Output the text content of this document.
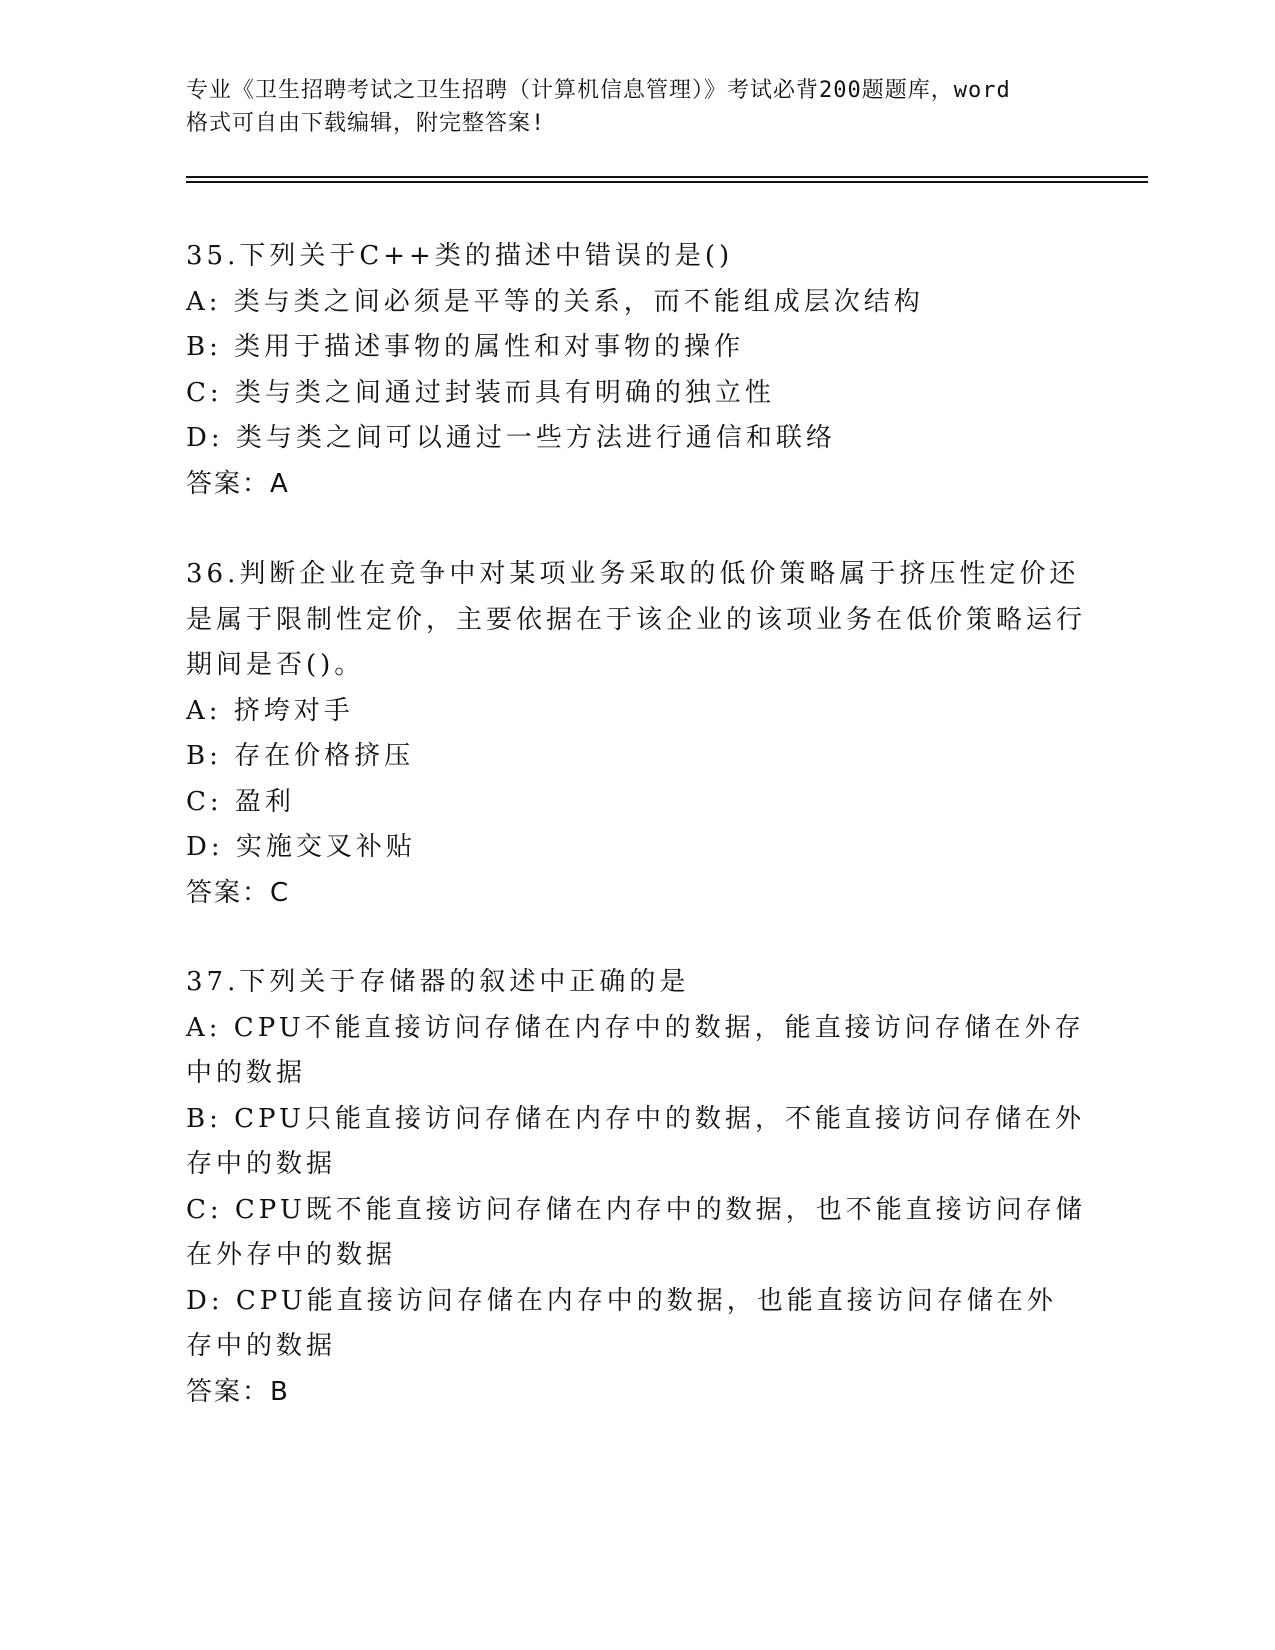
专业《卫生招聘考试之卫生招聘（计算机信息管理）》考试必背200题题库，word
格式可自由下载编辑，附完整答案!
35.下列关于C++类的描述中错误的是()
A: 类与类之间必须是平等的关系，而不能组成层次结构
B: 类用于描述事物的属性和对事物的操作
C: 类与类之间通过封装而具有明确的独立性
D: 类与类之间可以通过一些方法进行通信和联络
答案：A
36.判断企业在竞争中对某项业务采取的低价策略属于挤压性定价还是属于限制性定价，主要依据在于该企业的该项业务在低价策略运行期间是否()。
A: 挤垮对手
B: 存在价格挤压
C: 盈利
D: 实施交叉补贴
答案：C
37.下列关于存储器的叙述中正确的是
A: CPU不能直接访问存储在内存中的数据，能直接访问存储在外存中的数据
B: CPU只能直接访问存储在内存中的数据，不能直接访问存储在外存中的数据
C: CPU既不能直接访问存储在内存中的数据，也不能直接访问存储在外存中的数据
D: CPU能直接访问存储在内存中的数据，也能直接访问存储在外存中的数据
答案：B
